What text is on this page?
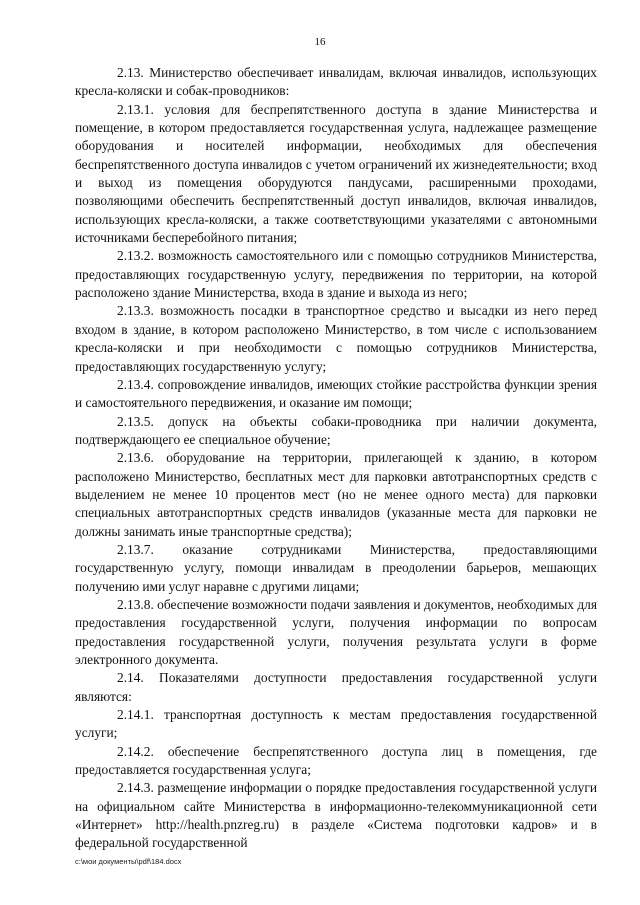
16

2.13. Министерство обеспечивает инвалидам, включая инвалидов, использующих кресла-коляски и собак-проводников:

2.13.1. условия для беспрепятственного доступа в здание Министерства и помещение, в котором предоставляется государственная услуга, надлежащее размещение оборудования и носителей информации, необходимых для обеспечения беспрепятственного доступа инвалидов с учетом ограничений их жизнедеятельности; вход и выход из помещения оборудуются пандусами, расширенными проходами, позволяющими обеспечить беспрепятственный доступ инвалидов, включая инвалидов, использующих кресла-коляски, а также соответствующими указателями с автономными источниками бесперебойного питания;

2.13.2. возможность самостоятельного или с помощью сотрудников Министерства, предоставляющих государственную услугу, передвижения по территории, на которой расположено здание Министерства, входа в здание и выхода из него;

2.13.3. возможность посадки в транспортное средство и высадки из него перед входом в здание, в котором расположено Министерство, в том числе с использованием кресла-коляски и при необходимости с помощью сотрудников Министерства, предоставляющих государственную услугу;

2.13.4. сопровождение инвалидов, имеющих стойкие расстройства функции зрения и самостоятельного передвижения, и оказание им помощи;

2.13.5. допуск на объекты собаки-проводника при наличии документа, подтверждающего ее специальное обучение;

2.13.6. оборудование на территории, прилегающей к зданию, в котором расположено Министерство, бесплатных мест для парковки автотранспортных средств с выделением не менее 10 процентов мест (но не менее одного места) для парковки специальных автотранспортных средств инвалидов (указанные места для парковки не должны занимать иные транспортные средства);

2.13.7. оказание сотрудниками Министерства, предоставляющими государственную услугу, помощи инвалидам в преодолении барьеров, мешающих получению ими услуг наравне с другими лицами;

2.13.8. обеспечение возможности подачи заявления и документов, необходимых для предоставления государственной услуги, получения информации по вопросам предоставления государственной услуги, получения результата услуги в форме электронного документа.

2.14. Показателями доступности предоставления государственной услуги являются:

2.14.1. транспортная доступность к местам предоставления государственной услуги;

2.14.2. обеспечение беспрепятственного доступа лиц в помещения, где предоставляется государственная услуга;

2.14.3. размещение информации о порядке предоставления государственной услуги на официальном сайте Министерства в информационно-телекоммуникационной сети «Интернет» http://health.pnzreg.ru) в разделе «Система подготовки кадров» и в федеральной государственной

c:\мои документы\pdf\184.docx
